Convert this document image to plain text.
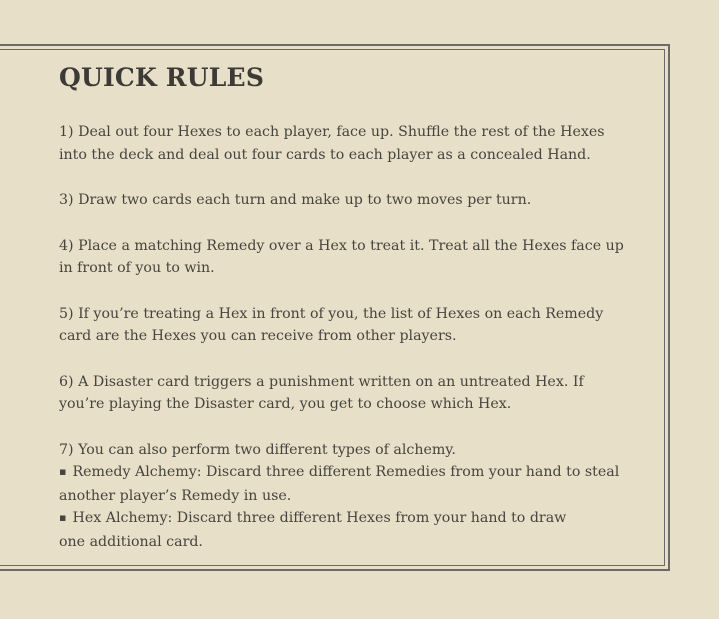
QUICK RULES
1) Deal out four Hexes to each player, face up. Shuffle the rest of the Hexes
into the deck and deal out four cards to each player as a concealed Hand.
3) Draw two cards each turn and make up to two moves per turn.
4) Place a matching Remedy over a Hex to treat it. Treat all the Hexes face up
in front of you to win.
5) If you’re treating a Hex in front of you, the list of Hexes on each Remedy
card are the Hexes you can receive from other players.
6) A Disaster card triggers a punishment written on an untreated Hex. If
you’re playing the Disaster card, you get to choose which Hex.
7) You can also perform two different types of alchemy.
▪ Remedy Alchemy: Discard three different Remedies from your hand to steal
another player’s Remedy in use.
▪ Hex Alchemy: Discard three different Hexes from your hand to draw
one additional card.
